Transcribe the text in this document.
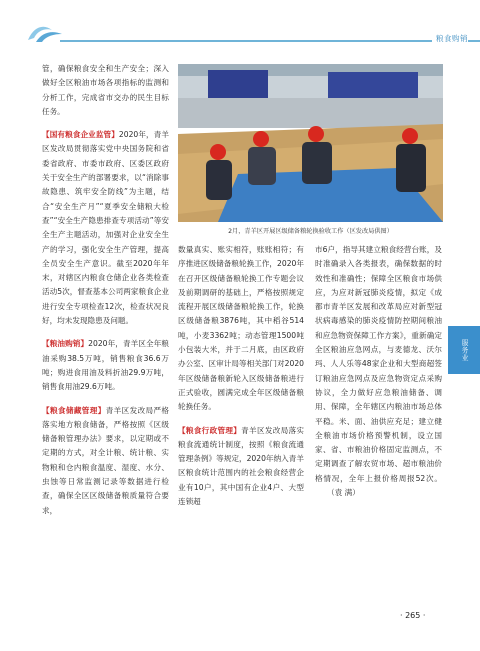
粮食购销

管，确保粮食安全和生产安全；深入做好全区粮油市场各项指标的监测和分析工作，完成省市交办的民生目标任务。

【国有粮食企业监管】2020年，青羊区发改局贯彻落实党中央国务院和省委省政府、市委市政府、区委区政府关于安全生产的部署要求，以“消除事故隐患、筑牢安全防线”为主题，结合“安全生产月”“夏季安全储粮大检查”“安全生产隐患排查专项活动”等安全生产主题活动，加强对企业安全生产的学习，强化安全生产管理，提高全员安全生产意识。截至2020年年末，对辖区内粮食仓储企业各类检查活动5次，督查基本公司两家粮食企业进行安全专项检查12次，检查状况良好，均未发现隐患及问题。

【粮油购销】2020年，青羊区全年粮油采购38.5万吨，销售粮食36.6万吨；购进食用油及料折油29.9万吨，销售食用油29.6万吨。

【粮食储藏管理】青羊区发改局严格落实地方粮食储备，严格按照《区级储备粮管理办法》要求，以定期或不定期的方式，对全计粮、统计粮、实物粮和仓内粮食温度、湿度、水分、虫蚀等日常监测记录等数据进行检查，确保全区区级储备粮质量符合要求，

2月，青羊区开展区级储备粮轮换验收工作（区发改局供图）

数量真实、账实相符，账账相符；有序推进区级储备粮轮换工作，2020年在召开区级储备粮轮换工作专题会议及前期调研的基础上，严格按照规定流程开展区级储备粮轮换工作，轮换区级储备粮3876吨，其中稻谷514吨，小麦3362吨；动态管理1500吨小包装大米，并于二月底，由区政府办公室、区审计局等相关部门对2020年区级储备粮新轮入区级储备粮进行正式验收，圆满完成全年区级储备粮轮换任务。

【粮食行政管理】青羊区发改局落实粮食流通统计制度，按照《粮食流通管理条例》等规定，2020年纳入青羊区粮食统计范围内的社会粮食经营企业有10户，其中国有企业4户、大型连锁超

市6户，指导其建立粮食经营台账，及时准确录入各类报表，确保数据的时效性和准确性；保障全区粮食市场供应，为应对新冠肺炎疫情，拟定《成都市青羊区发展和改革局应对新型冠状病毒感染的肺炎疫情防控期间粮油和应急物资保障工作方案》，重新确定全区粮油应急网点，与麦德龙、沃尔玛、人人乐等48家企业和大型商超签订粮油应急网点及应急物资定点采购协议，全力做好应急粮油储备、调用、保障，全年辖区内粮油市场总体平稳。米、面、油供应充足；建立健全粮油市场价格预警机制，设立国家、省、市粮油价格固定监测点，不定期调查了解农贸市场、超市粮油价格情况，全年上报价格周报52次。（袁 满）

服务业
· 265 ·
